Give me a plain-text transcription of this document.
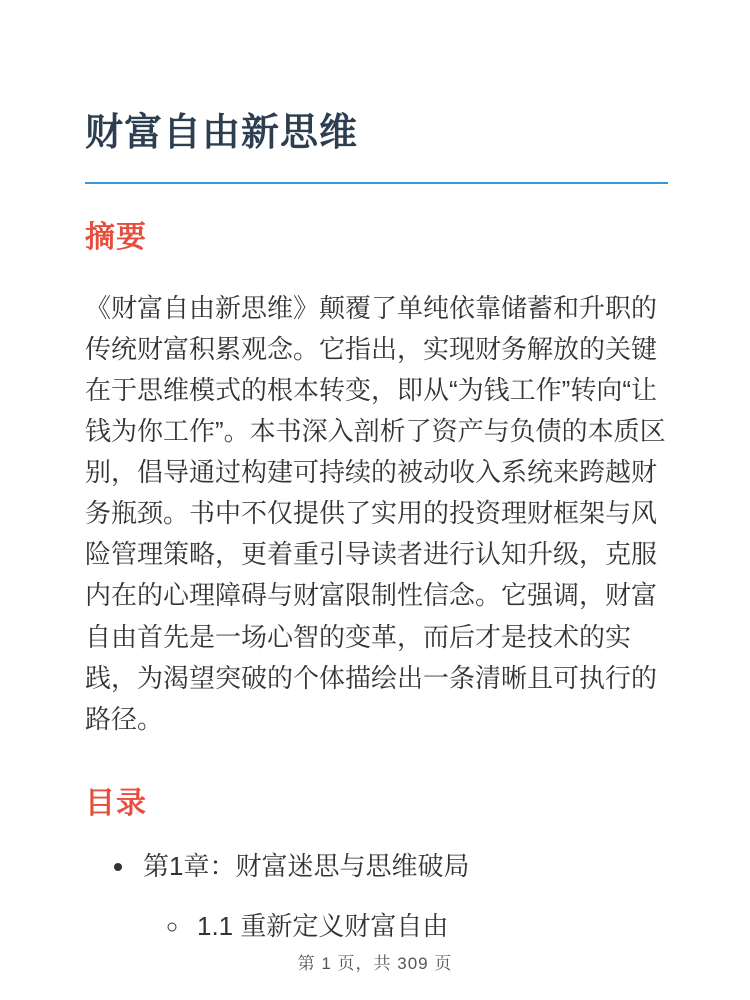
财富自由新思维
摘要

《财富自由新思维》颠覆了单纯依靠储蓄和升职的传统财富积累观念。它指出，实现财务解放的关键在于思维模式的根本转变，即从“为钱工作”转向“让钱为你工作”。本书深入剖析了资产与负债的本质区别，倡导通过构建可持续的被动收入系统来跨越财务瓶颈。书中不仅提供了实用的投资理财框架与风险管理策略，更着重引导读者进行认知升级，克服内在的心理障碍与财富限制性信念。它强调，财富自由首先是一场心智的变革，而后才是技术的实践，为渴望突破的个体描绘出一条清晰且可执行的路径。

目录
• 第1章：财富迷思与思维破局
◦ 1.1 重新定义财富自由
第 1 页，共 309 页
